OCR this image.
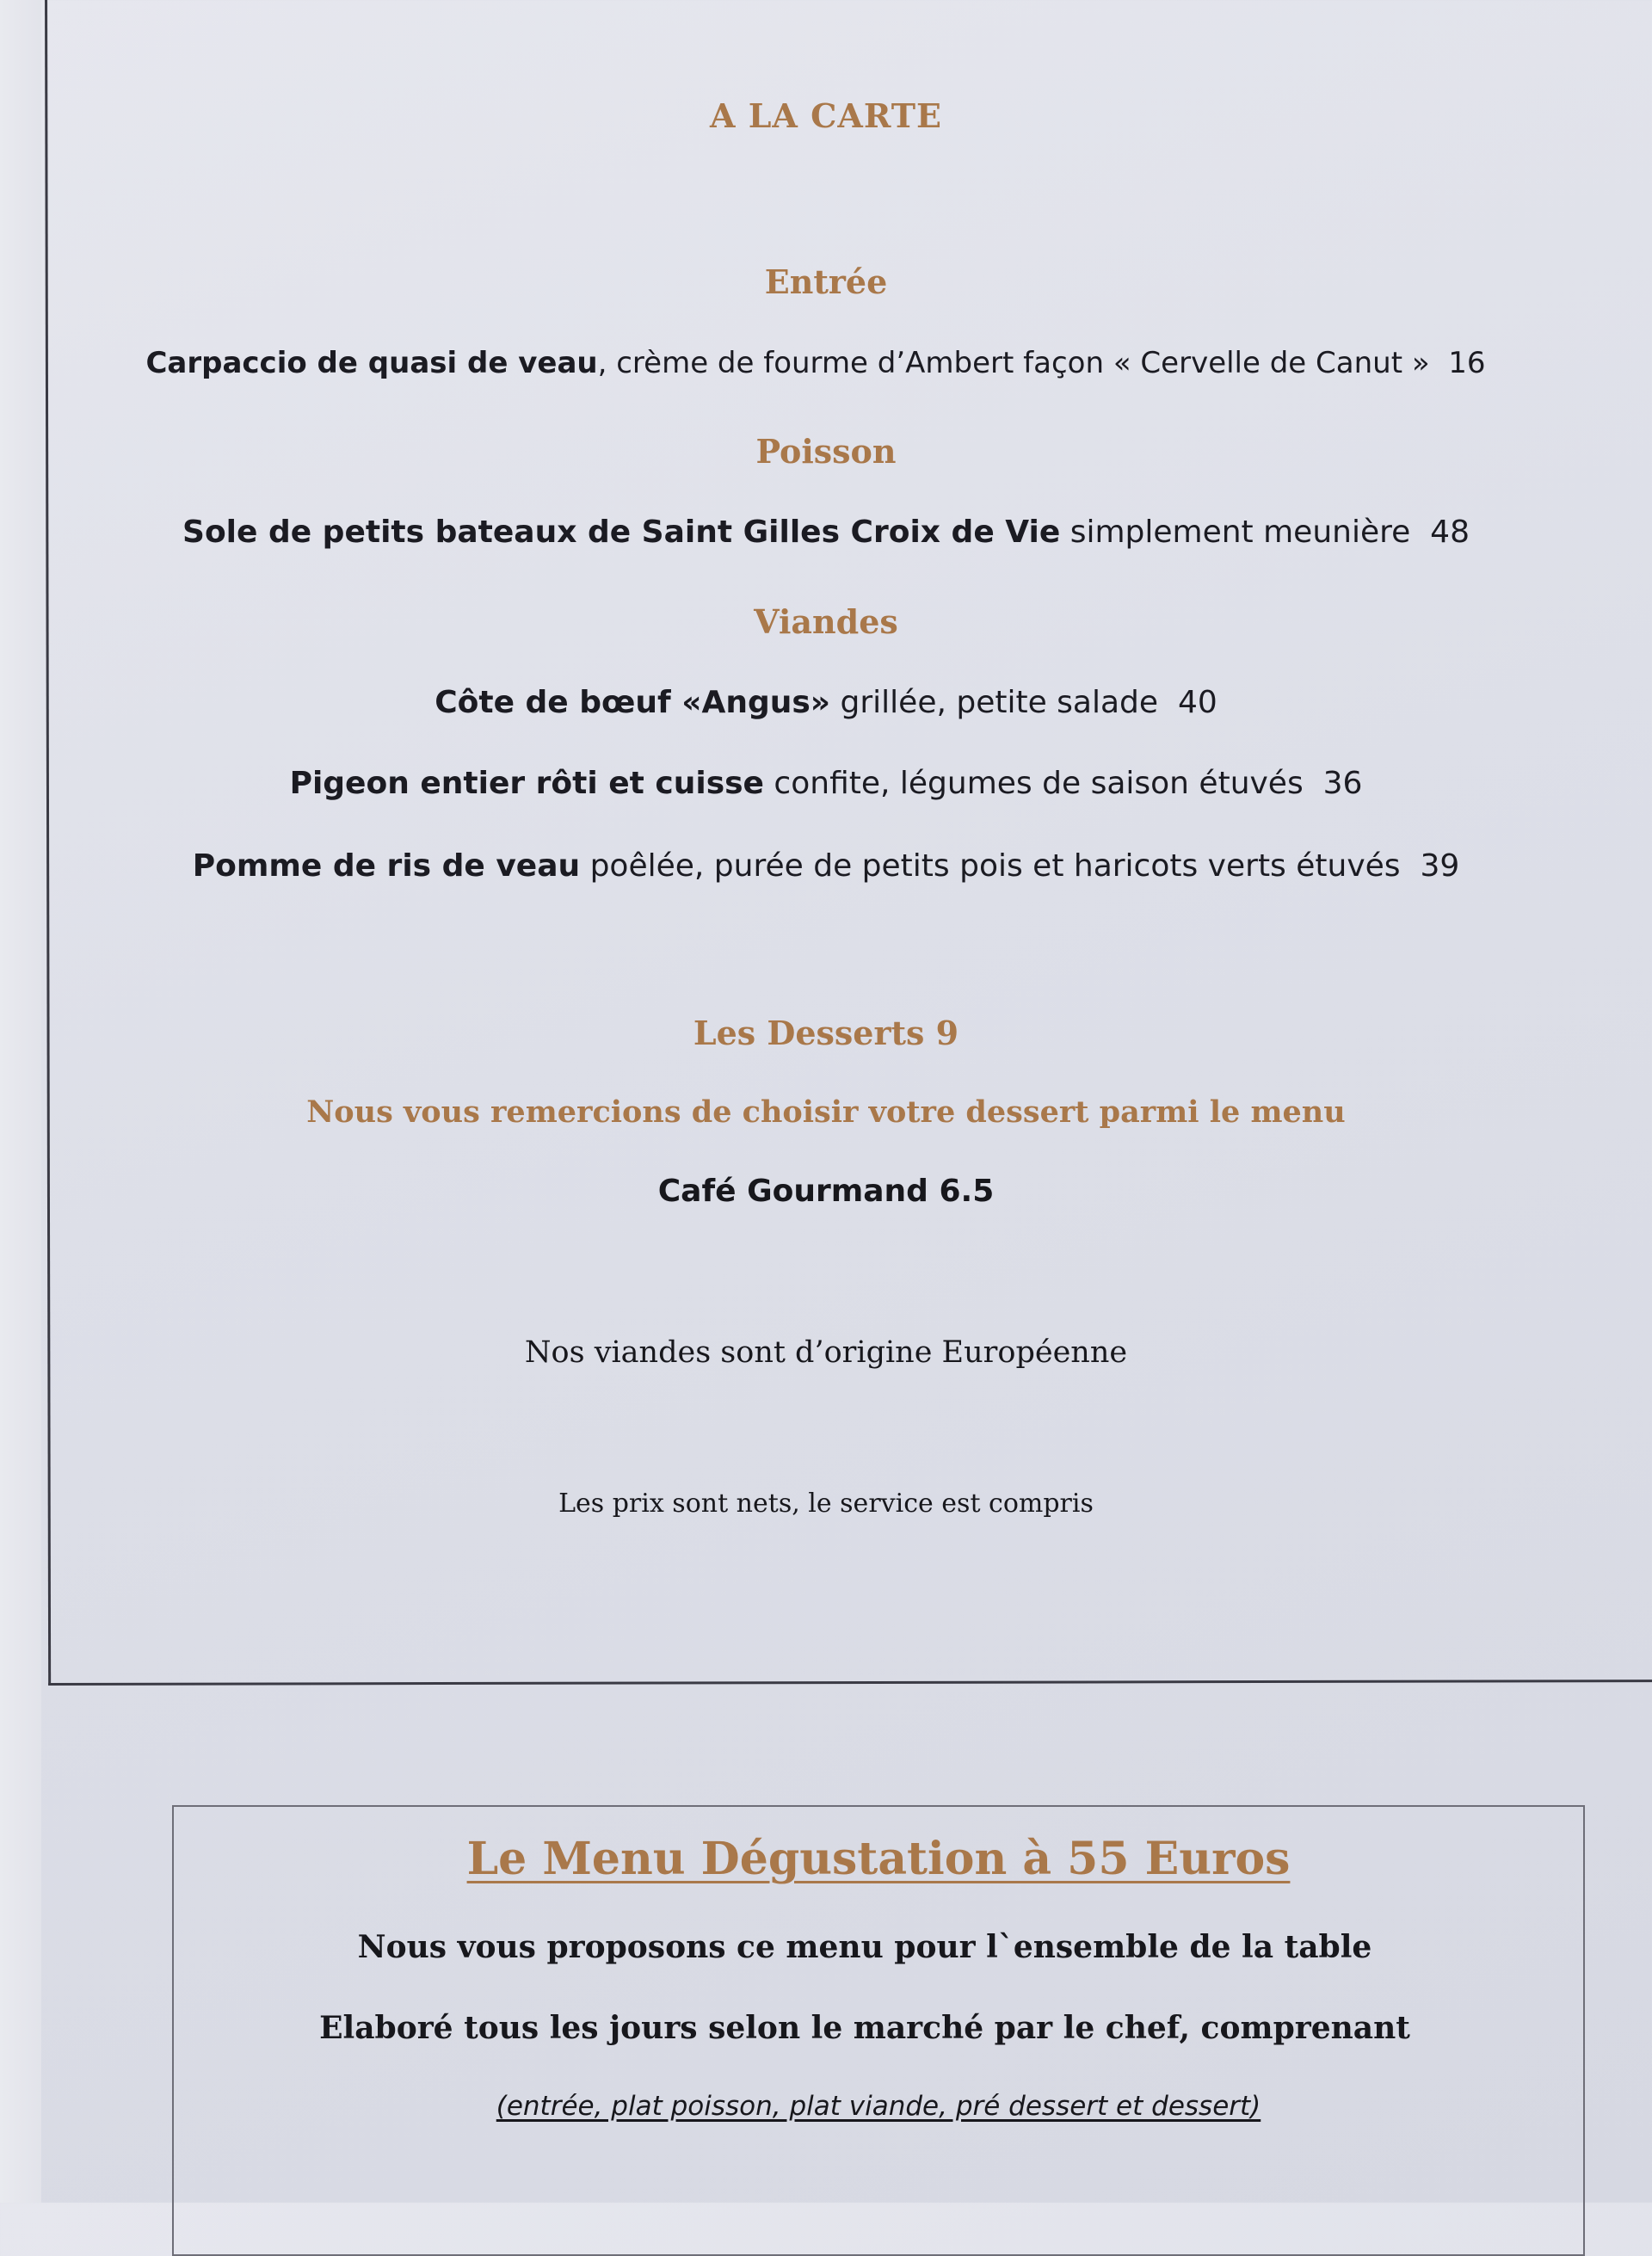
A LA CARTE
Entrée
Carpaccio de quasi de veau, crème de fourme d’Ambert façon « Cervelle de Canut » 16
Poisson
Sole de petits bateaux de Saint Gilles Croix de Vie simplement meunière 48
Viandes
Côte de bœuf «Angus» grillée, petite salade 40
Pigeon entier rôti et cuisse confite, légumes de saison étuvés 36
Pomme de ris de veau poêlée, purée de petits pois et haricots verts étuvés 39
Les Desserts 9
Nous vous remercions de choisir votre dessert parmi le menu
Café Gourmand 6.5
Nos viandes sont d’origine Européenne
Les prix sont nets, le service est compris
Le Menu Dégustation à 55 Euros
Nous vous proposons ce menu pour l`ensemble de la table
Elaboré tous les jours selon le marché par le chef, comprenant
(entrée, plat poisson, plat viande, pré dessert et dessert)
